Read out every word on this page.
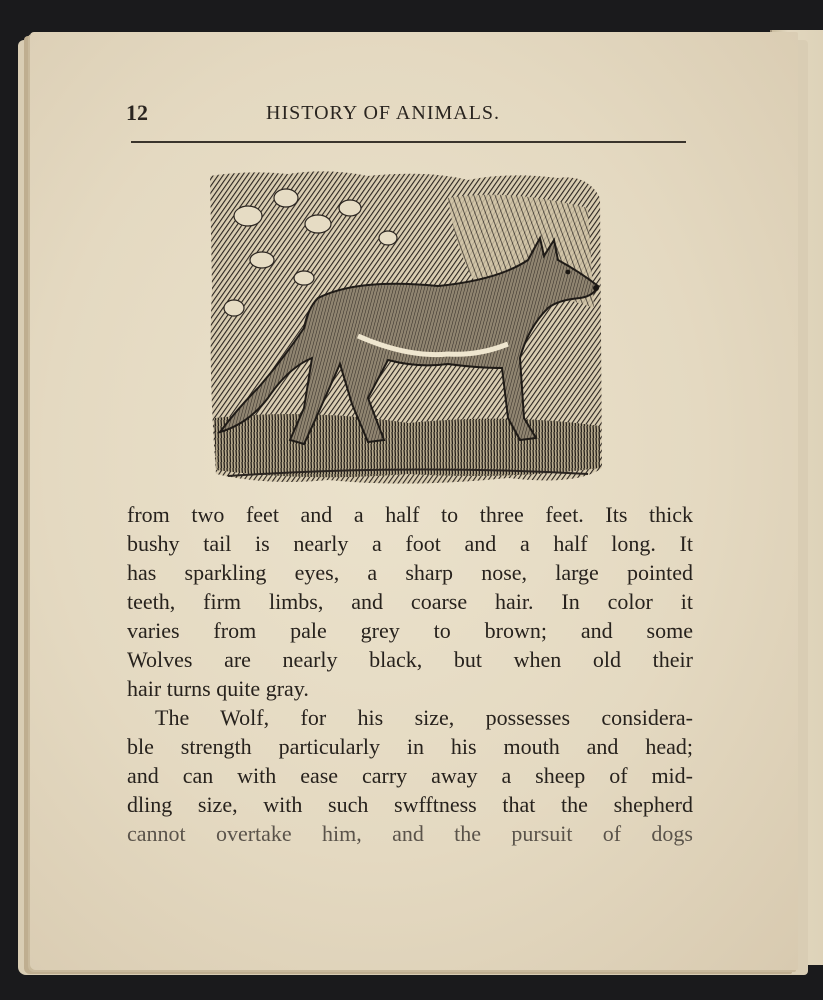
12	HISTORY OF ANIMALS.
from two feet and a half to three feet. Its thick
bushy tail is nearly a foot and a half long. It
has sparkling eyes, a sharp nose, large pointed
teeth, firm limbs, and coarse hair. In color it
varies from pale grey to brown; and some
Wolves are nearly black, but when old their
hair turns quite gray.
The Wolf, for his size, possesses considera-
ble strength particularly in his mouth and head;
and can with ease carry away a sheep of mid-
dling size, with such swfftness that the shepherd
cannot overtake him, and the pursuit of dogs
